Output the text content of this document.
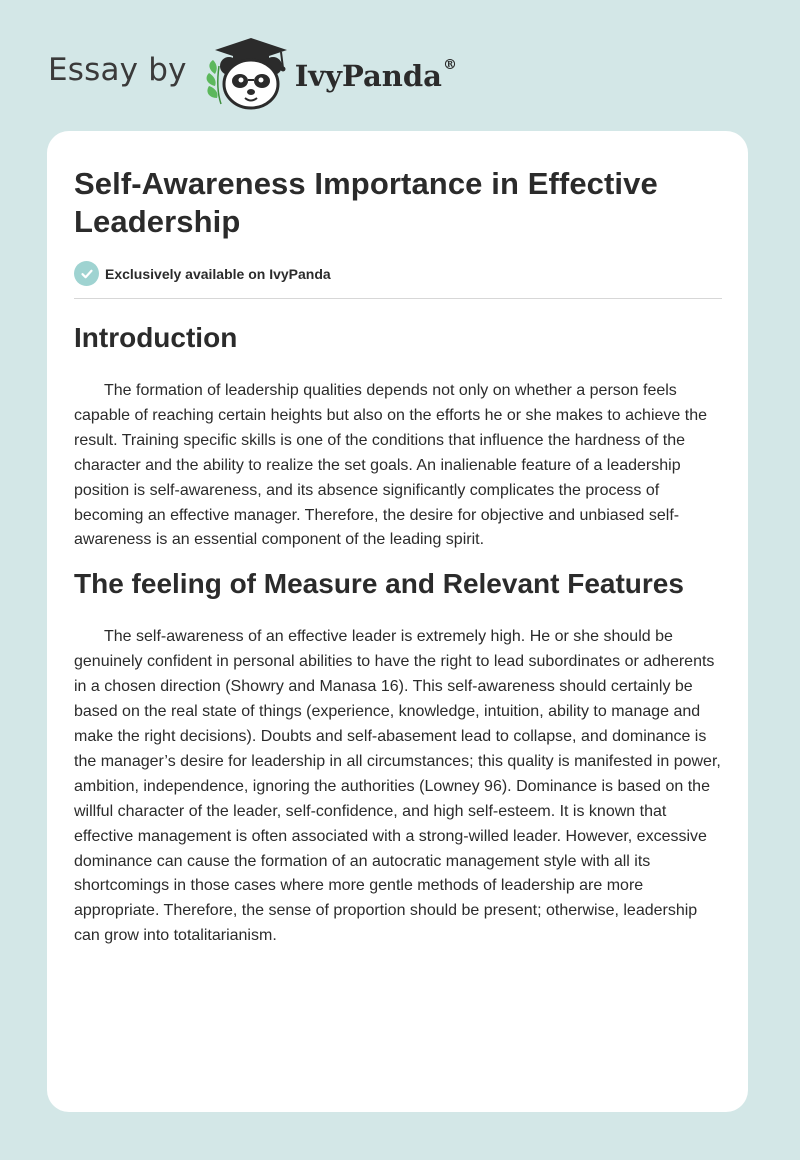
Essay by	IvyPanda®
Self-Awareness Importance in Effective Leadership
Exclusively available on IvyPanda
Introduction

The formation of leadership qualities depends not only on whether a person feels capable of reaching certain heights but also on the efforts he or she makes to achieve the result. Training specific skills is one of the conditions that influence the hardness of the character and the ability to realize the set goals. An inalienable feature of a leadership position is self-awareness, and its absence significantly complicates the process of becoming an effective manager. Therefore, the desire for objective and unbiased self-awareness is an essential component of the leading spirit.

The feeling of Measure and Relevant Features

The self-awareness of an effective leader is extremely high. He or she should be genuinely confident in personal abilities to have the right to lead subordinates or adherents in a chosen direction (Showry and Manasa 16). This self-awareness should certainly be based on the real state of things (experience, knowledge, intuition, ability to manage and make the right decisions). Doubts and self-abasement lead to collapse, and dominance is the manager’s desire for leadership in all circumstances; this quality is manifested in power, ambition, independence, ignoring the authorities (Lowney 96). Dominance is based on the willful character of the leader, self-confidence, and high self-esteem. It is known that effective management is often associated with a strong-willed leader. However, excessive dominance can cause the formation of an autocratic management style with all its shortcomings in those cases where more gentle methods of leadership are more appropriate. Therefore, the sense of proportion should be present; otherwise, leadership can grow into totalitarianism.
